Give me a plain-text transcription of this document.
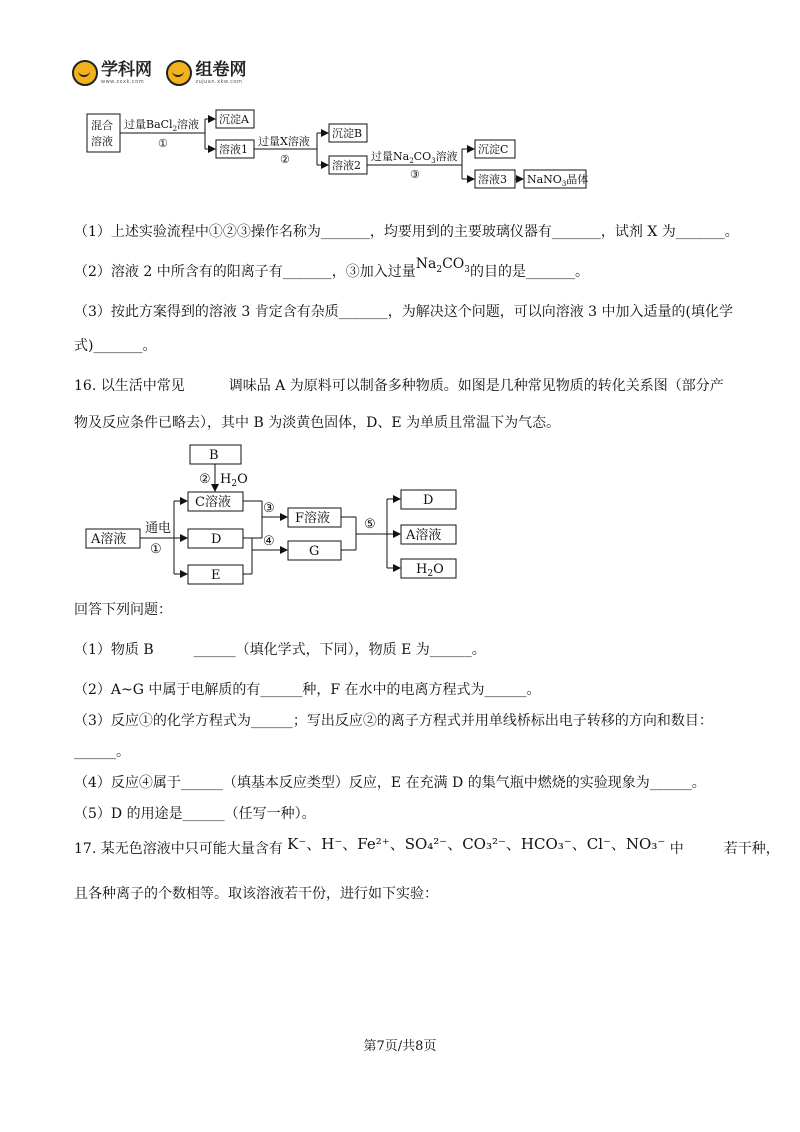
学科网
www.zxxk.com

组卷网
zujuan.xkw.com
混合
溶液
过量BaCl$_2$溶液
①
沉淀A
溶液1
过量X溶液
②
沉淀B
溶液2
过量$Na_2CO_3$溶液
③
沉淀C
溶液3 NaNO$_3$晶体
（1）上述实验流程中①②③操作名称为_______，均要用到的主要玻璃仪器有_______，试剂 X 为_______。
（2）溶液 2 中所含有的阳离子有_______，③加入过量$Na_2CO_3$的目的是_______。
（3）按此方案得到的溶液 3 肯定含有杂质_______，为解决这个问题，可以向溶液 3 中加入适量的(填化学
式)_______。
16. 以生活中常见	调味品 A 为原料可以制备多种物质。如图是几种常见物质的转化关系图（部分产
物及反应条件已略去），其中 B 为淡黄色固体，D、E 为单质且常温下为气态。
B
② $H_2O$
C溶液
A溶液
通电
①
D
E
③
④
F溶液
G
⑤
D
A溶液
$H_2O$
回答下列问题：
（1）物质 B	______（填化学式，下同），物质 E 为______。
（2）A~G 中属于电解质的有______种，F 在水中的电离方程式为______。
（3）反应①的化学方程式为______；写出反应②的离子方程式并用单线桥标出电子转移的方向和数目：
______。
（4）反应④属于______（填基本反应类型）反应，E 在充满 D 的集气瓶中燃烧的实验现象为______。
（5）D 的用途是______（任写一种）。
17. 某无色溶液中只可能大量含有 K⁻、H⁻、Fe²⁺、SO₄²⁻、CO₃²⁻、HCO₃⁻、Cl⁻、NO₃⁻ 中	若干种，
且各种离子的个数相等。取该溶液若干份，进行如下实验：
第7页/共8页
